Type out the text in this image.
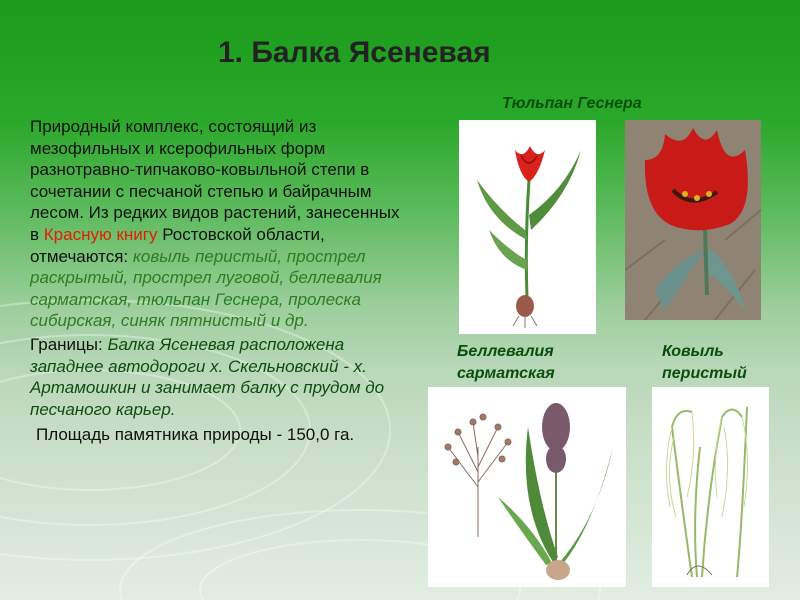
1. Балка Ясеневая

Природный комплекс, состоящий из мезофильных и ксерофильных форм разнотравно-типчаково-ковыльной степи в сочетании с песчаной степью и байрачным лесом. Из редких видов растений, занесенных в Красную книгу Ростовской области, отмечаются: ковыль перистый, прострел раскрытый, прострел луговой, беллевалия сарматская, тюльпан Геснера, пролеска сибирская, синяк пятнистый и др.

Границы: Балка Ясеневая расположена западнее автодороги х. Скельновский - х. Артамошкин и занимает балку с прудом до песчаного карьер.

Площадь памятника природы - 150,0 га.

Тюльпан Геснера
Беллевалия
сарматская
Ковыль
перистый
